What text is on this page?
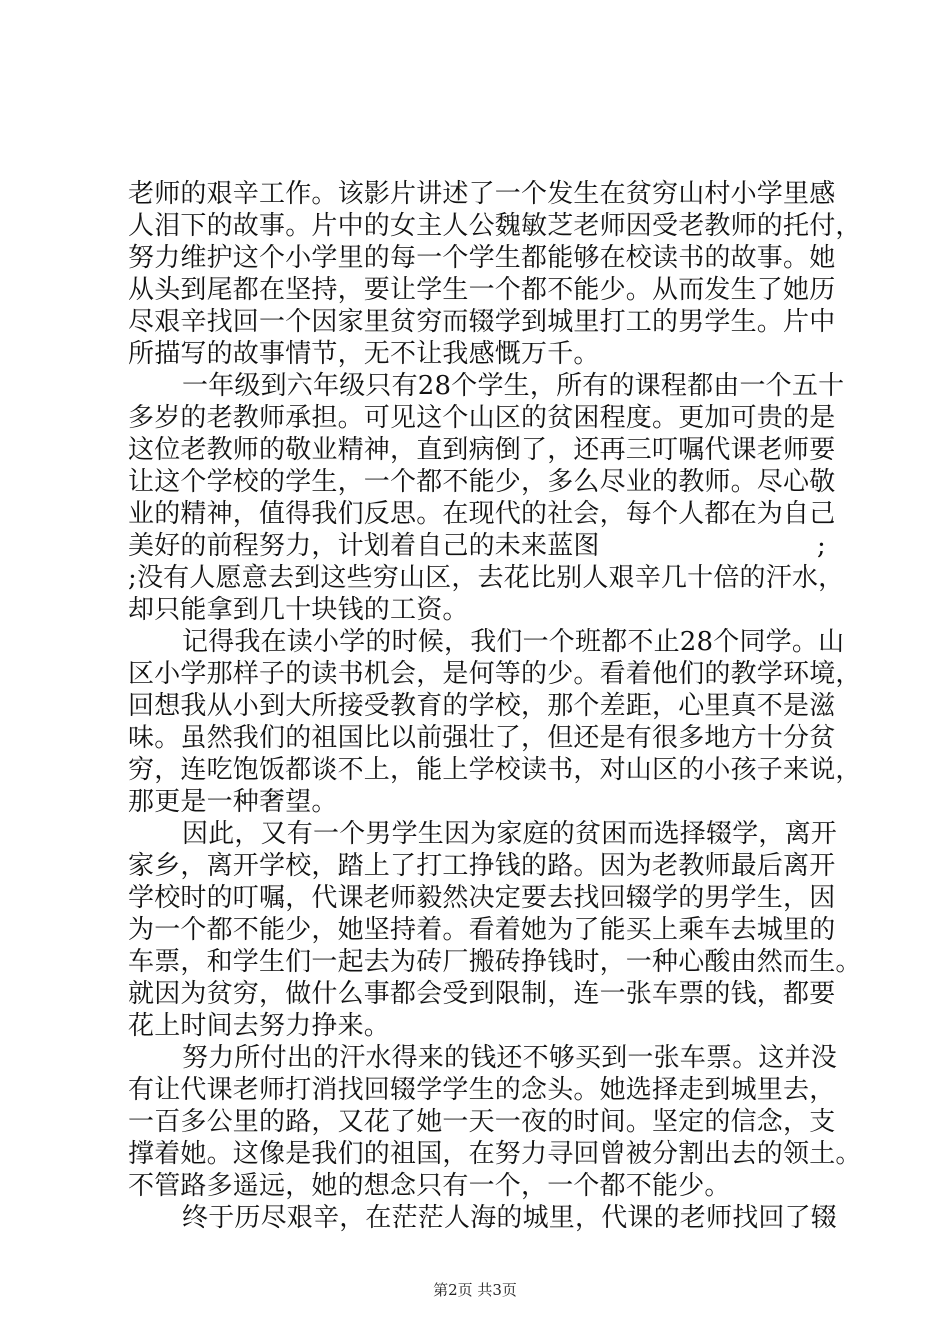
老师的艰辛工作。该影片讲述了一个发生在贫穷山村小学里感
人泪下的故事。片中的女主人公魏敏芝老师因受老教师的托付，
努力维护这个小学里的每一个学生都能够在校读书的故事。她
从头到尾都在坚持，要让学生一个都不能少。从而发生了她历
尽艰辛找回一个因家里贫穷而辍学到城里打工的男学生。片中
所描写的故事情节，无不让我感慨万千。
一年级到六年级只有28个学生，所有的课程都由一个五十
多岁的老教师承担。可见这个山区的贫困程度。更加可贵的是
这位老教师的敬业精神，直到病倒了，还再三叮嘱代课老师要
让这个学校的学生，一个都不能少，多么尽业的教师。尽心敬
业的精神，值得我们反思。在现代的社会，每个人都在为自己
美好的前程努力，计划着自己的未来蓝图	;
;没有人愿意去到这些穷山区，去花比别人艰辛几十倍的汗水，
却只能拿到几十块钱的工资。
记得我在读小学的时候，我们一个班都不止28个同学。山
区小学那样子的读书机会，是何等的少。看着他们的教学环境，
回想我从小到大所接受教育的学校，那个差距，心里真不是滋
味。虽然我们的祖国比以前强壮了，但还是有很多地方十分贫
穷，连吃饱饭都谈不上，能上学校读书，对山区的小孩子来说，
那更是一种奢望。
因此，又有一个男学生因为家庭的贫困而选择辍学，离开
家乡，离开学校，踏上了打工挣钱的路。因为老教师最后离开
学校时的叮嘱，代课老师毅然决定要去找回辍学的男学生，因
为一个都不能少，她坚持着。看着她为了能买上乘车去城里的
车票，和学生们一起去为砖厂搬砖挣钱时，一种心酸由然而生。
就因为贫穷，做什么事都会受到限制，连一张车票的钱，都要
花上时间去努力挣来。
努力所付出的汗水得来的钱还不够买到一张车票。这并没
有让代课老师打消找回辍学学生的念头。她选择走到城里去，
一百多公里的路，又花了她一天一夜的时间。坚定的信念，支
撑着她。这像是我们的祖国，在努力寻回曾被分割出去的领土。
不管路多遥远，她的想念只有一个，一个都不能少。
终于历尽艰辛，在茫茫人海的城里，代课的老师找回了辍
第2页 共3页
